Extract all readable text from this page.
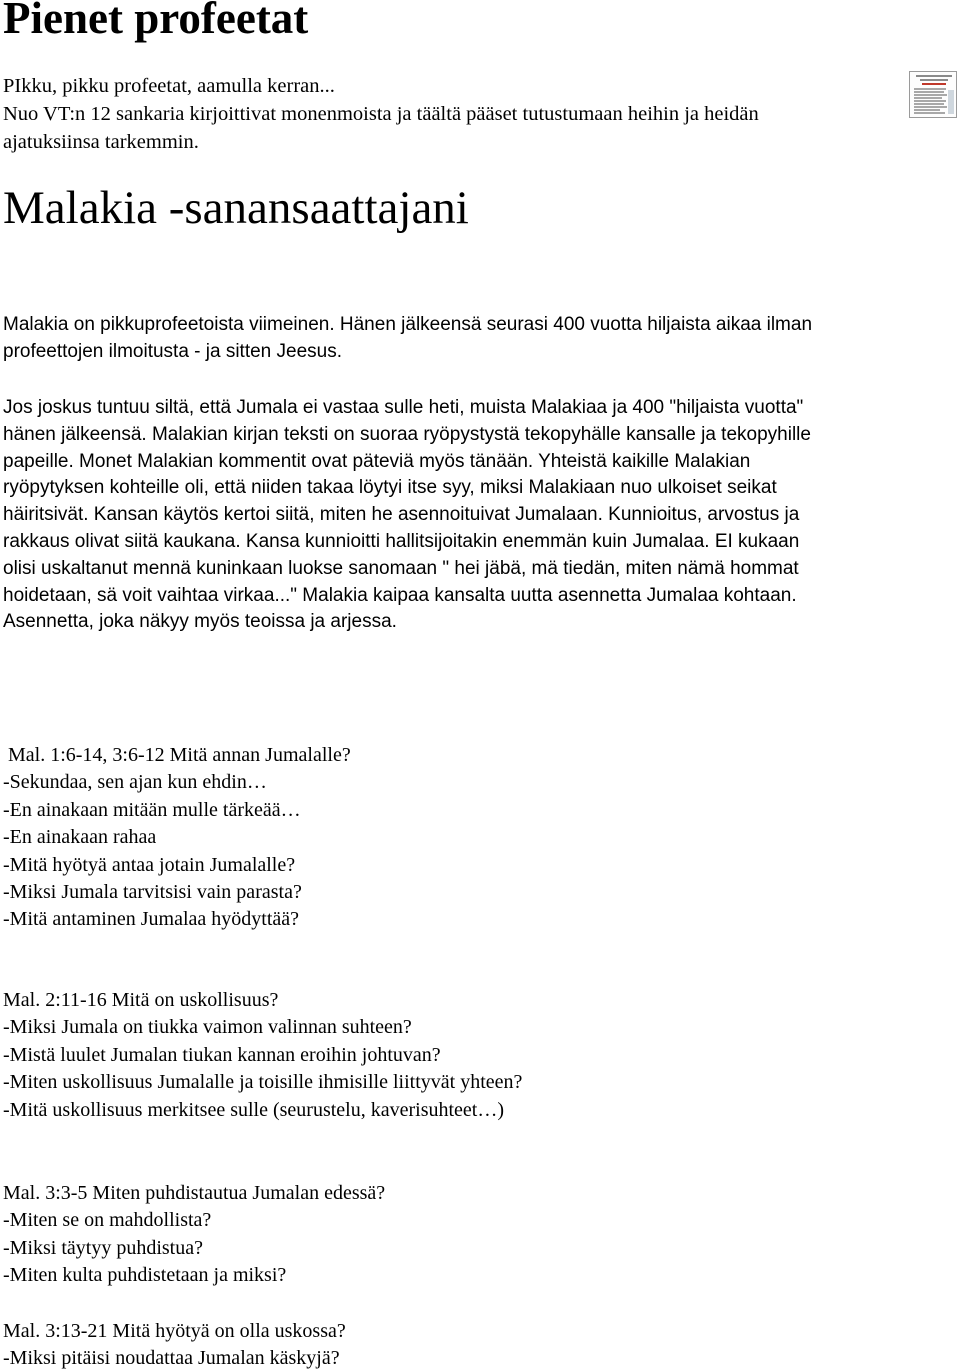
Pienet profeetat
PIkku, pikku profeetat, aamulla kerran...
Nuo VT:n 12 sankaria kirjoittivat monenmoista ja täältä pääset tutustumaan heihin ja heidän
ajatuksiinsa tarkemmin.
Malakia -sanansaattajani
Malakia on pikkuprofeetoista viimeinen. Hänen jälkeensä seurasi 400 vuotta hiljaista aikaa ilman
profeettojen ilmoitusta - ja sitten Jeesus.
Jos joskus tuntuu siltä, että Jumala ei vastaa sulle heti, muista Malakiaa ja 400 "hiljaista vuotta"
hänen jälkeensä. Malakian kirjan teksti on suoraa ryöpystystä tekopyhälle kansalle ja tekopyhille
papeille. Monet Malakian kommentit ovat päteviä myös tänään. Yhteistä kaikille Malakian
ryöpytyksen kohteille oli, että niiden takaa löytyi itse syy, miksi Malakiaan nuo ulkoiset seikat
häiritsivät. Kansan käytös kertoi siitä, miten he asennoituivat Jumalaan. Kunnioitus, arvostus ja
rakkaus olivat siitä kaukana. Kansa kunnioitti hallitsijoitakin enemmän kuin Jumalaa. EI kukaan
olisi uskaltanut mennä kuninkaan luokse sanomaan " hei jäbä, mä tiedän, miten nämä hommat
hoidetaan, sä voit vaihtaa virkaa..." Malakia kaipaa kansalta uutta asennetta Jumalaa kohtaan.
Asennetta, joka näkyy myös teoissa ja arjessa.
Mal. 1:6-14, 3:6-12 Mitä annan Jumalalle?
-Sekundaa, sen ajan kun ehdin…
-En ainakaan mitään mulle tärkeää…
-En ainakaan rahaa
-Mitä hyötyä antaa jotain Jumalalle?
-Miksi Jumala tarvitsisi vain parasta?
-Mitä antaminen Jumalaa hyödyttää?
Mal. 2:11-16 Mitä on uskollisuus?
-Miksi Jumala on tiukka vaimon valinnan suhteen?
-Mistä luulet Jumalan tiukan kannan eroihin johtuvan?
-Miten uskollisuus Jumalalle ja toisille ihmisille liittyvät yhteen?
-Mitä uskollisuus merkitsee sulle (seurustelu, kaverisuhteet…)
Mal. 3:3-5 Miten puhdistautua Jumalan edessä?
-Miten se on mahdollista?
-Miksi täytyy puhdistua?
-Miten kulta puhdistetaan ja miksi?
Mal. 3:13-21 Mitä hyötyä on olla uskossa?
-Miksi pitäisi noudattaa Jumalan käskyjä?
